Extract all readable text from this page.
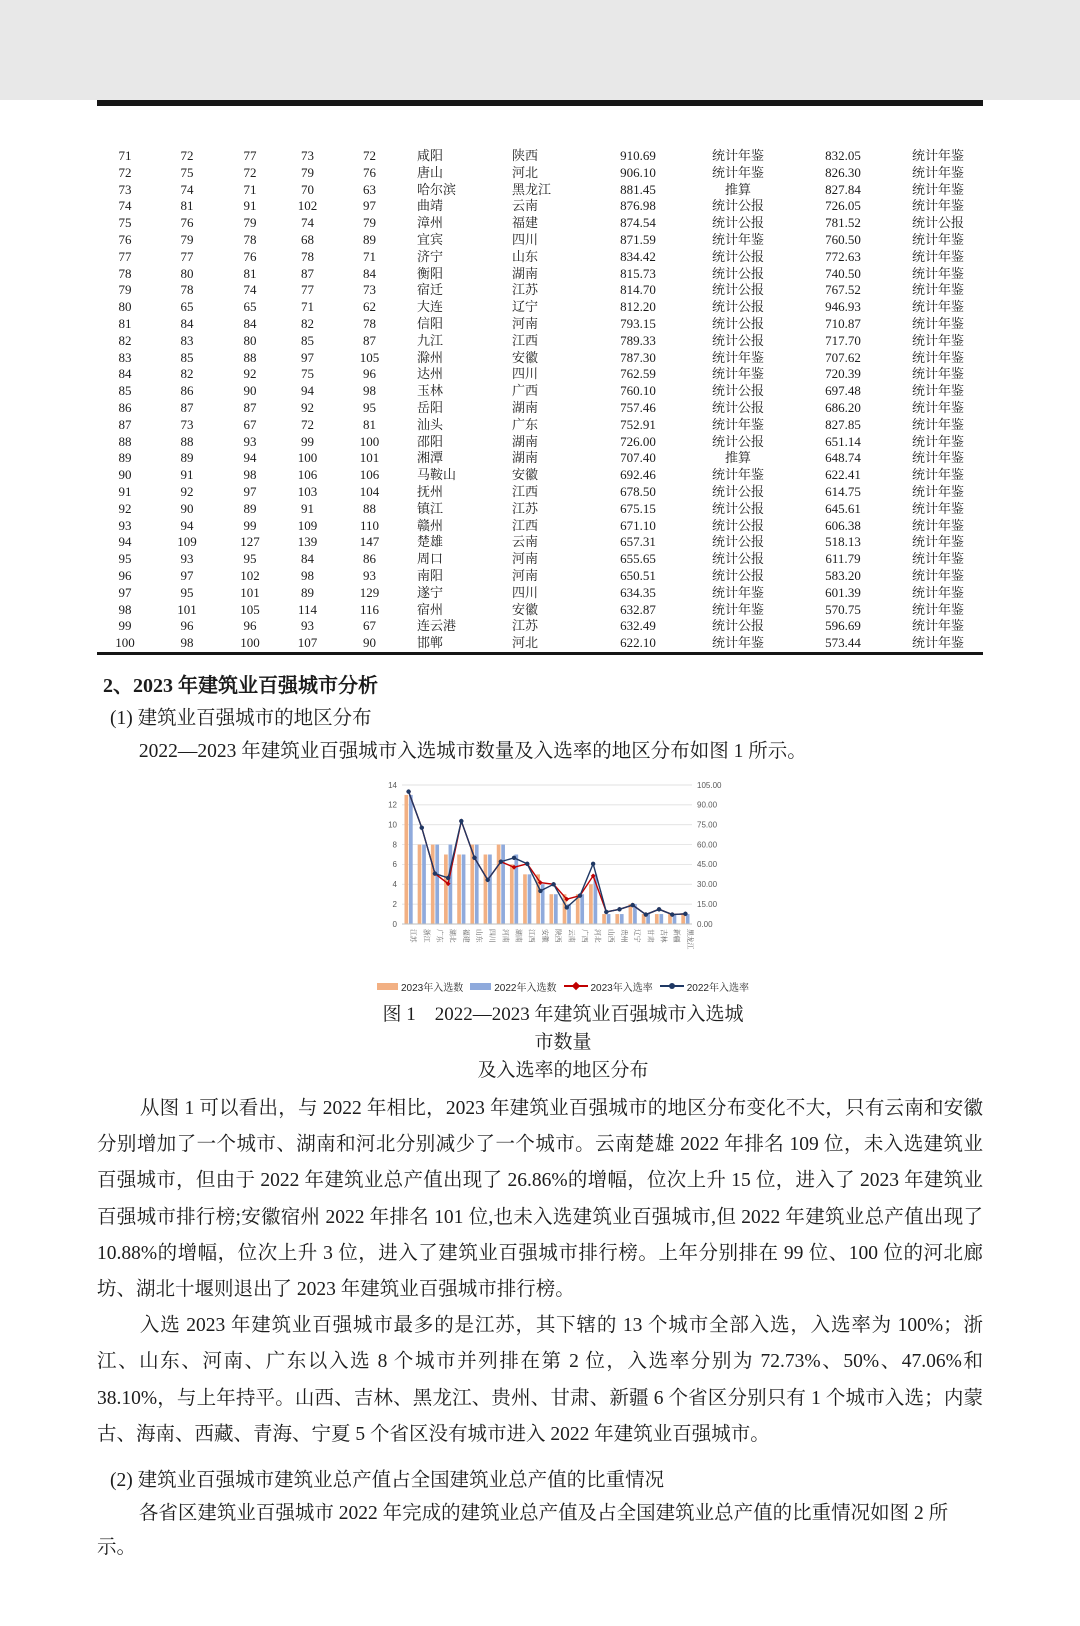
71	72	77	73	72	咸阳	陕西	910.69	统计年鉴	832.05	统计年鉴
72	75	72	79	76	唐山	河北	906.10	统计年鉴	826.30	统计年鉴
73	74	71	70	63	哈尔滨	黑龙江	881.45	推算	827.84	统计年鉴
74	81	91	102	97	曲靖	云南	876.98	统计公报	726.05	统计年鉴
75	76	79	74	79	漳州	福建	874.54	统计公报	781.52	统计公报
76	79	78	68	89	宜宾	四川	871.59	统计年鉴	760.50	统计年鉴
77	77	76	78	71	济宁	山东	834.42	统计公报	772.63	统计年鉴
78	80	81	87	84	衡阳	湖南	815.73	统计公报	740.50	统计年鉴
79	78	74	77	73	宿迁	江苏	814.70	统计公报	767.52	统计年鉴
80	65	65	71	62	大连	辽宁	812.20	统计公报	946.93	统计年鉴
81	84	84	82	78	信阳	河南	793.15	统计公报	710.87	统计年鉴
82	83	80	85	87	九江	江西	789.33	统计公报	717.70	统计年鉴
83	85	88	97	105	滁州	安徽	787.30	统计年鉴	707.62	统计年鉴
84	82	92	75	96	达州	四川	762.59	统计年鉴	720.39	统计年鉴
85	86	90	94	98	玉林	广西	760.10	统计公报	697.48	统计年鉴
86	87	87	92	95	岳阳	湖南	757.46	统计公报	686.20	统计年鉴
87	73	67	72	81	汕头	广东	752.91	统计年鉴	827.85	统计年鉴
88	88	93	99	100	邵阳	湖南	726.00	统计公报	651.14	统计年鉴
89	89	94	100	101	湘潭	湖南	707.40	推算	648.74	统计年鉴
90	91	98	106	106	马鞍山	安徽	692.46	统计年鉴	622.41	统计年鉴
91	92	97	103	104	抚州	江西	678.50	统计公报	614.75	统计年鉴
92	90	89	91	88	镇江	江苏	675.15	统计公报	645.61	统计年鉴
93	94	99	109	110	赣州	江西	671.10	统计公报	606.38	统计年鉴
94	109	127	139	147	楚雄	云南	657.31	统计公报	518.13	统计年鉴
95	93	95	84	86	周口	河南	655.65	统计公报	611.79	统计年鉴
96	97	102	98	93	南阳	河南	650.51	统计公报	583.20	统计年鉴
97	95	101	89	129	遂宁	四川	634.35	统计年鉴	601.39	统计年鉴
98	101	105	114	116	宿州	安徽	632.87	统计年鉴	570.75	统计年鉴
99	96	96	93	67	连云港	江苏	632.49	统计公报	596.69	统计年鉴
100	98	100	107	90	邯郸	河北	622.10	统计年鉴	573.44	统计年鉴
2、2023 年建筑业百强城市分析
(1) 建筑业百强城市的地区分布

2022—2023 年建筑业百强城市入选城市数量及入选率的地区分布如图 1 所示。

0
2
4
6
8
10
12
14
0.00
15.00
30.00
45.00
60.00
75.00
90.00
105.00
江苏 浙江 广东 湖北 福建 山东 四川 河南 湖南 江西 安徽 陕西 云南 广西 河北 山西 贵州 辽宁 甘肃 吉林 新疆 黑龙江
2023年入选数	2022年入选数	2023年入选率	2022年入选率
图 1　2022—2023 年建筑业百强城市入选城市数量
及入选率的地区分布

从图 1 可以看出，与 2022 年相比，2023 年建筑业百强城市的地区分布变化不大，只有云南和安徽分别增加了一个城市、湖南和河北分别减少了一个城市。云南楚雄 2022 年排名 109 位，未入选建筑业百强城市，但由于 2022 年建筑业总产值出现了 26.86%的增幅，位次上升 15 位，进入了 2023 年建筑业百强城市排行榜;安徽宿州 2022 年排名 101 位,也未入选建筑业百强城市,但 2022 年建筑业总产值出现了 10.88%的增幅，位次上升 3 位，进入了建筑业百强城市排行榜。上年分别排在 99 位、100 位的河北廊坊、湖北十堰则退出了 2023 年建筑业百强城市排行榜。

入选 2023 年建筑业百强城市最多的是江苏，其下辖的 13 个城市全部入选，入选率为 100%；浙江、山东、河南、广东以入选 8 个城市并列排在第 2 位，入选率分别为 72.73%、50%、47.06%和 38.10%，与上年持平。山西、吉林、黑龙江、贵州、甘肃、新疆 6 个省区分别只有 1 个城市入选；内蒙古、海南、西藏、青海、宁夏 5 个省区没有城市进入 2022 年建筑业百强城市。

(2) 建筑业百强城市建筑业总产值占全国建筑业总产值的比重情况

各省区建筑业百强城市 2022 年完成的建筑业总产值及占全国建筑业总产值的比重情况如图 2 所示。
